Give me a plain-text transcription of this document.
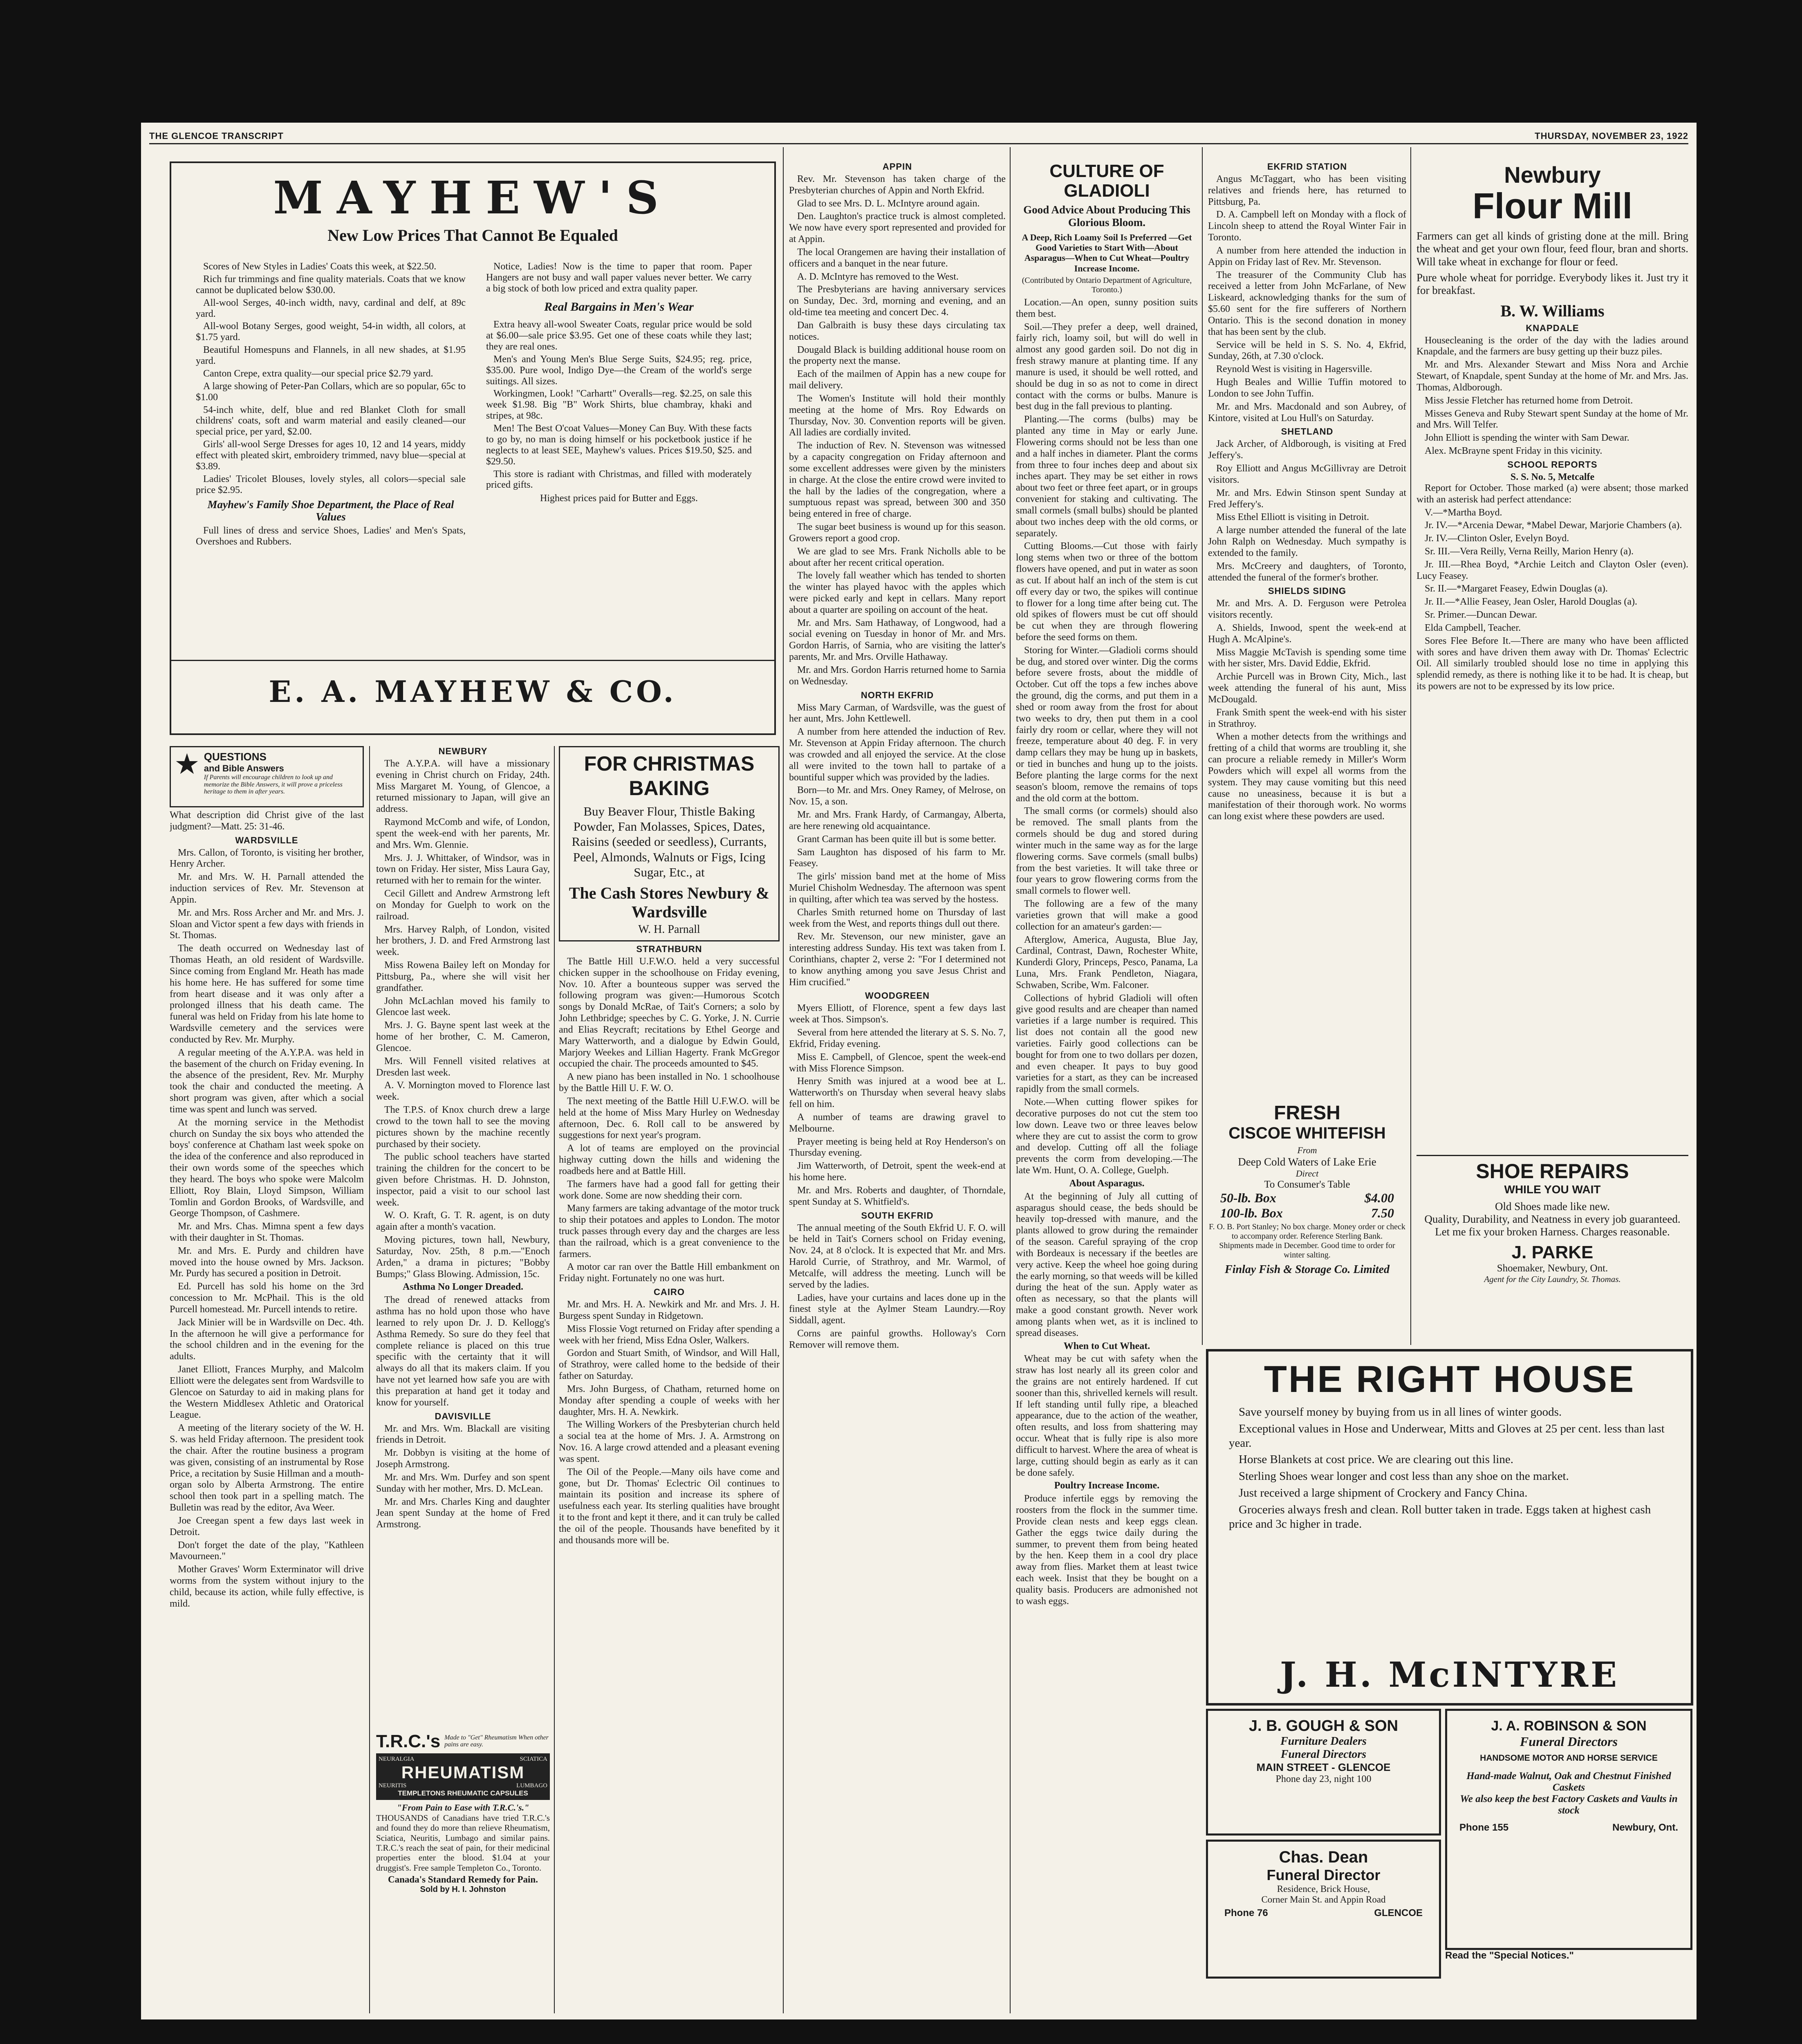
THE GLENCOE TRANSCRIPT	THURSDAY, NOVEMBER 23, 1922
MAYHEW'S
New Low Prices That Cannot Be Equaled

Scores of New Styles in Ladies' Coats this week, at $22.50.

Rich fur trimmings and fine quality materials. Coats that we know cannot be duplicated below $30.00.

All-wool Serges, 40-inch width, navy, cardinal and delf, at 89c yard.

All-wool Botany Serges, good weight, 54-in width, all colors, at $1.75 yard.

Beautiful Homespuns and Flannels, in all new shades, at $1.95 yard.

Canton Crepe, extra quality—our special price $2.79 yard.

A large showing of Peter-Pan Collars, which are so popular, 65c to $1.00

54-inch white, delf, blue and red Blanket Cloth for small childrens' coats, soft and warm material and easily cleaned—our special price, per yard, $2.00.

Girls' all-wool Serge Dresses for ages 10, 12 and 14 years, middy effect with pleated skirt, embroidery trimmed, navy blue—special at $3.89.

Ladies' Tricolet Blouses, lovely styles, all colors—special sale price $2.95.

Mayhew's Family Shoe Department, the Place of Real Values

Full lines of dress and service Shoes, Ladies' and Men's Spats, Overshoes and Rubbers.

Notice, Ladies! Now is the time to paper that room. Paper Hangers are not busy and wall paper values never better. We carry a big stock of both low priced and extra quality paper.

Real Bargains in Men's Wear

Extra heavy all-wool Sweater Coats, regular price would be sold at $6.00—sale price $3.95. Get one of these coats while they last; they are real ones.

Men's and Young Men's Blue Serge Suits, $24.95; reg. price, $35.00. Pure wool, Indigo Dye—the Cream of the world's serge suitings. All sizes.

Workingmen, Look! "Carhartt" Overalls—reg. $2.25, on sale this week $1.98. Big "B" Work Shirts, blue chambray, khaki and stripes, at 98c.

Men! The Best O'coat Values—Money Can Buy. With these facts to go by, no man is doing himself or his pocketbook justice if he neglects to at least SEE, Mayhew's values. Prices $19.50, $25. and $29.50.

This store is radiant with Christmas, and filled with moderately priced gifts.

Highest prices paid for Butter and Eggs.
E. A. MAYHEW & CO.
★ QUESTIONS
and Bible Answers
If Parents will encourage children to look up and memorize the Bible Answers, it will prove a priceless heritage to them in after years.
What description did Christ give of the last judgment?—Matt. 25: 31-46.
WARDSVILLE

Mrs. Callon, of Toronto, is visiting her brother, Henry Archer.

Mr. and Mrs. W. H. Parnall attended the induction services of Rev. Mr. Stevenson at Appin.

Mr. and Mrs. Ross Archer and Mr. and Mrs. J. Sloan and Victor spent a few days with friends in St. Thomas.

The death occurred on Wednesday last of Thomas Heath, an old resident of Wardsville. Since coming from England Mr. Heath has made his home here. He has suffered for some time from heart disease and it was only after a prolonged illness that his death came. The funeral was held on Friday from his late home to Wardsville cemetery and the services were conducted by Rev. Mr. Murphy.

A regular meeting of the A.Y.P.A. was held in the basement of the church on Friday evening. In the absence of the president, Rev. Mr. Murphy took the chair and conducted the meeting. A short program was given, after which a social time was spent and lunch was served.

At the morning service in the Methodist church on Sunday the six boys who attended the boys' conference at Chatham last week spoke on the idea of the conference and also reproduced in their own words some of the speeches which they heard. The boys who spoke were Malcolm Elliott, Roy Blain, Lloyd Simpson, William Tomlin and Gordon Brooks, of Wardsville, and George Thompson, of Cashmere.

Mr. and Mrs. Chas. Mimna spent a few days with their daughter in St. Thomas.

Mr. and Mrs. E. Purdy and children have moved into the house owned by Mrs. Jackson. Mr. Purdy has secured a position in Detroit.

Ed. Purcell has sold his home on the 3rd concession to Mr. McPhail. This is the old Purcell homestead. Mr. Purcell intends to retire.

Jack Minier will be in Wardsville on Dec. 4th. In the afternoon he will give a performance for the school children and in the evening for the adults.

Janet Elliott, Frances Murphy, and Malcolm Elliott were the delegates sent from Wardsville to Glencoe on Saturday to aid in making plans for the Western Middlesex Athletic and Oratorical League.

A meeting of the literary society of the W. H. S. was held Friday afternoon. The president took the chair. After the routine business a program was given, consisting of an instrumental by Rose Price, a recitation by Susie Hillman and a mouth-organ solo by Alberta Armstrong. The entire school then took part in a spelling match. The Bulletin was read by the editor, Ava Weer.

Joe Creegan spent a few days last week in Detroit.

Don't forget the date of the play, "Kathleen Mavourneen."

Mother Graves' Worm Exterminator will drive worms from the system without injury to the child, because its action, while fully effective, is mild.

NEWBURY

The A.Y.P.A. will have a missionary evening in Christ church on Friday, 24th. Miss Margaret M. Young, of Glencoe, a returned missionary to Japan, will give an address.

Raymond McComb and wife, of London, spent the week-end with her parents, Mr. and Mrs. Wm. Glennie.

Mrs. J. J. Whittaker, of Windsor, was in town on Friday. Her sister, Miss Laura Gay, returned with her to remain for the winter.

Cecil Gillett and Andrew Armstrong left on Monday for Guelph to work on the railroad.

Mrs. Harvey Ralph, of London, visited her brothers, J. D. and Fred Armstrong last week.

Miss Rowena Bailey left on Monday for Pittsburg, Pa., where she will visit her grandfather.

John McLachlan moved his family to Glencoe last week.

Mrs. J. G. Bayne spent last week at the home of her brother, C. M. Cameron, Glencoe.

Mrs. Will Fennell visited relatives at Dresden last week.

A. V. Mornington moved to Florence last week.

The T.P.S. of Knox church drew a large crowd to the town hall to see the moving pictures shown by the machine recently purchased by their society.

The public school teachers have started training the children for the concert to be given before Christmas. H. D. Johnston, inspector, paid a visit to our school last week.

W. O. Kraft, G. T. R. agent, is on duty again after a month's vacation.

Moving pictures, town hall, Newbury, Saturday, Nov. 25th, 8 p.m.—"Enoch Arden," a drama in pictures; "Bobby Bumps;" Glass Blowing. Admission, 15c.

Asthma No Longer Dreaded.

The dread of renewed attacks from asthma has no hold upon those who have learned to rely upon Dr. J. D. Kellogg's Asthma Remedy. So sure do they feel that complete reliance is placed on this true specific with the certainty that it will always do all that its makers claim. If you have not yet learned how safe you are with this preparation at hand get it today and know for yourself.

DAVISVILLE

Mr. and Mrs. Wm. Blackall are visiting friends in Detroit.

Mr. Dobbyn is visiting at the home of Joseph Armstrong.

Mr. and Mrs. Wm. Durfey and son spent Sunday with her mother, Mrs. D. McLean.

Mr. and Mrs. Charles King and daughter Jean spent Sunday at the home of Fred Armstrong.

T.R.C.'s Made to "Get" Rheumatism When other pains are easy.
NEURALGIA	SCIATICA
RHEUMATISM
NEURITIS	LUMBAGO
TEMPLETONS RHEUMATIC CAPSULES
"From Pain to Ease with T.R.C.'s."
THOUSANDS of Canadians have tried T.R.C.'s and found they do more than relieve Rheumatism, Sciatica, Neuritis, Lumbago and similar pains. T.R.C.'s reach the seat of pain, for their medicinal properties enter the blood. $1.04 at your druggist's. Free sample Templeton Co., Toronto.
Canada's Standard Remedy for Pain.
Sold by H. I. Johnston
FOR CHRISTMAS BAKING
Buy Beaver Flour, Thistle Baking Powder, Fan Molasses, Spices, Dates, Raisins (seeded or seedless), Currants, Peel, Almonds, Walnuts or Figs, Icing Sugar, Etc., at
The Cash Stores Newbury & Wardsville
W. H. Parnall
STRATHBURN

The Battle Hill U.F.W.O. held a very successful chicken supper in the schoolhouse on Friday evening, Nov. 10. After a bounteous supper was served the following program was given:—Humorous Scotch songs by Donald McRae, of Tait's Corners; a solo by John Lethbridge; speeches by C. G. Yorke, J. N. Currie and Elias Reycraft; recitations by Ethel George and Mary Watterworth, and a dialogue by Edwin Gould, Marjory Weekes and Lillian Hagerty. Frank McGregor occupied the chair. The proceeds amounted to $45.

A new piano has been installed in No. 1 schoolhouse by the Battle Hill U. F. W. O.

The next meeting of the Battle Hill U.F.W.O. will be held at the home of Miss Mary Hurley on Wednesday afternoon, Dec. 6. Roll call to be answered by suggestions for next year's program.

A lot of teams are employed on the provincial highway cutting down the hills and widening the roadbeds here and at Battle Hill.

The farmers have had a good fall for getting their work done. Some are now shedding their corn.

Many farmers are taking advantage of the motor truck to ship their potatoes and apples to London. The motor truck passes through every day and the charges are less than the railroad, which is a great convenience to the farmers.

A motor car ran over the Battle Hill embankment on Friday night. Fortunately no one was hurt.

CAIRO

Mr. and Mrs. H. A. Newkirk and Mr. and Mrs. J. H. Burgess spent Sunday in Ridgetown.

Miss Flossie Vogt returned on Friday after spending a week with her friend, Miss Edna Osler, Walkers.

Gordon and Stuart Smith, of Windsor, and Will Hall, of Strathroy, were called home to the bedside of their father on Saturday.

Mrs. John Burgess, of Chatham, returned home on Monday after spending a couple of weeks with her daughter, Mrs. H. A. Newkirk.

The Willing Workers of the Presbyterian church held a social tea at the home of Mrs. J. A. Armstrong on Nov. 16. A large crowd attended and a pleasant evening was spent.

The Oil of the People.—Many oils have come and gone, but Dr. Thomas' Eclectric Oil continues to maintain its position and increase its sphere of usefulness each year. Its sterling qualities have brought it to the front and kept it there, and it can truly be called the oil of the people. Thousands have benefited by it and thousands more will be.

APPIN

Rev. Mr. Stevenson has taken charge of the Presbyterian churches of Appin and North Ekfrid.

Glad to see Mrs. D. L. McIntyre around again.

Den. Laughton's practice truck is almost completed. We now have every sport represented and provided for at Appin.

The local Orangemen are having their installation of officers and a banquet in the near future.

A. D. McIntyre has removed to the West.

The Presbyterians are having anniversary services on Sunday, Dec. 3rd, morning and evening, and an old-time tea meeting and concert Dec. 4.

Dan Galbraith is busy these days circulating tax notices.

Dougald Black is building additional house room on the property next the manse.

Each of the mailmen of Appin has a new coupe for mail delivery.

The Women's Institute will hold their monthly meeting at the home of Mrs. Roy Edwards on Thursday, Nov. 30. Convention reports will be given. All ladies are cordially invited.

The induction of Rev. N. Stevenson was witnessed by a capacity congregation on Friday afternoon and some excellent addresses were given by the ministers in charge. At the close the entire crowd were invited to the hall by the ladies of the congregation, where a sumptuous repast was spread, between 300 and 350 being entered in free of charge.

The sugar beet business is wound up for this season. Growers report a good crop.

We are glad to see Mrs. Frank Nicholls able to be about after her recent critical operation.

The lovely fall weather which has tended to shorten the winter has played havoc with the apples which were picked early and kept in cellars. Many report about a quarter are spoiling on account of the heat.

Mr. and Mrs. Sam Hathaway, of Longwood, had a social evening on Tuesday in honor of Mr. and Mrs. Gordon Harris, of Sarnia, who are visiting the latter's parents, Mr. and Mrs. Orville Hathaway.

Mr. and Mrs. Gordon Harris returned home to Sarnia on Wednesday.

NORTH EKFRID

Miss Mary Carman, of Wardsville, was the guest of her aunt, Mrs. John Kettlewell.

A number from here attended the induction of Rev. Mr. Stevenson at Appin Friday afternoon. The church was crowded and all enjoyed the service. At the close all were invited to the town hall to partake of a bountiful supper which was provided by the ladies.

Born—to Mr. and Mrs. Oney Ramey, of Melrose, on Nov. 15, a son.

Mr. and Mrs. Frank Hardy, of Carmangay, Alberta, are here renewing old acquaintance.

Grant Carman has been quite ill but is some better.

Sam Laughton has disposed of his farm to Mr. Feasey.

The girls' mission band met at the home of Miss Muriel Chisholm Wednesday. The afternoon was spent in quilting, after which tea was served by the hostess.

Charles Smith returned home on Thursday of last week from the West, and reports things dull out there.

Rev. Mr. Stevenson, our new minister, gave an interesting address Sunday. His text was taken from I. Corinthians, chapter 2, verse 2: "For I determined not to know anything among you save Jesus Christ and Him crucified."

WOODGREEN

Myers Elliott, of Florence, spent a few days last week at Thos. Simpson's.

Several from here attended the literary at S. S. No. 7, Ekfrid, Friday evening.

Miss E. Campbell, of Glencoe, spent the week-end with Miss Florence Simpson.

Henry Smith was injured at a wood bee at L. Watterworth's on Thursday when several heavy slabs fell on him.

A number of teams are drawing gravel to Melbourne.

Prayer meeting is being held at Roy Henderson's on Thursday evening.

Jim Watterworth, of Detroit, spent the week-end at his home here.

Mr. and Mrs. Roberts and daughter, of Thorndale, spent Sunday at S. Whitfield's.

SOUTH EKFRID

The annual meeting of the South Ekfrid U. F. O. will be held in Tait's Corners school on Friday evening, Nov. 24, at 8 o'clock. It is expected that Mr. and Mrs. Harold Currie, of Strathroy, and Mr. Warmol, of Metcalfe, will address the meeting. Lunch will be served by the ladies.

Ladies, have your curtains and laces done up in the finest style at the Aylmer Steam Laundry.—Roy Siddall, agent.

Corns are painful growths. Holloway's Corn Remover will remove them.

CULTURE OF GLADIOLI
Good Advice About Producing This Glorious Bloom.
A Deep, Rich Loamy Soil Is Preferred —Get Good Varieties to Start With—About Asparagus—When to Cut Wheat—Poultry Increase Income.
(Contributed by Ontario Department of Agriculture, Toronto.)

Location.—An open, sunny position suits them best.

Soil.—They prefer a deep, well drained, fairly rich, loamy soil, but will do well in almost any good garden soil. Do not dig in fresh strawy manure at planting time. If any manure is used, it should be well rotted, and should be dug in so as not to come in direct contact with the corms or bulbs. Manure is best dug in the fall previous to planting.

Planting.—The corms (bulbs) may be planted any time in May or early June. Flowering corms should not be less than one and a half inches in diameter. Plant the corms from three to four inches deep and about six inches apart. They may be set either in rows about two feet or three feet apart, or in groups convenient for staking and cultivating. The small cormels (small bulbs) should be planted about two inches deep with the old corms, or separately.

Cutting Blooms.—Cut those with fairly long stems when two or three of the bottom flowers have opened, and put in water as soon as cut. If about half an inch of the stem is cut off every day or two, the spikes will continue to flower for a long time after being cut. The old spikes of flowers must be cut off should be cut when they are through flowering before the seed forms on them.

Storing for Winter.—Gladioli corms should be dug, and stored over winter. Dig the corms before severe frosts, about the middle of October. Cut off the tops a few inches above the ground, dig the corms, and put them in a shed or room away from the frost for about two weeks to dry, then put them in a cool fairly dry room or cellar, where they will not freeze, temperature about 40 deg. F. in very damp cellars they may be hung up in baskets, or tied in bunches and hung up to the joists. Before planting the large corms for the next season's bloom, remove the remains of tops and the old corm at the bottom.

The small corms (or cormels) should also be removed. The small plants from the cormels should be dug and stored during winter much in the same way as for the large flowering corms. Save cormels (small bulbs) from the best varieties. It will take three or four years to grow flowering corms from the small cormels to flower well.

The following are a few of the many varieties grown that will make a good collection for an amateur's garden:—

Afterglow, America, Augusta, Blue Jay, Cardinal, Contrast, Dawn, Rochester White, Kunderdi Glory, Princeps, Pesco, Panama, La Luna, Mrs. Frank Pendleton, Niagara, Schwaben, Scribe, Wm. Falconer.

Collections of hybrid Gladioli will often give good results and are cheaper than named varieties if a large number is required. This list does not contain all the good new varieties. Fairly good collections can be bought for from one to two dollars per dozen, and even cheaper. It pays to buy good varieties for a start, as they can be increased rapidly from the small cormels.

Note.—When cutting flower spikes for decorative purposes do not cut the stem too low down. Leave two or three leaves below where they are cut to assist the corm to grow and develop. Cutting off all the foliage prevents the corm from developing.—The late Wm. Hunt, O. A. College, Guelph.

About Asparagus.

At the beginning of July all cutting of asparagus should cease, the beds should be heavily top-dressed with manure, and the plants allowed to grow during the remainder of the season. Careful spraying of the crop with Bordeaux is necessary if the beetles are very active. Keep the wheel hoe going during the early morning, so that weeds will be killed during the heat of the sun. Apply water as often as necessary, so that the plants will make a good constant growth. Never work among plants when wet, as it is inclined to spread diseases.

When to Cut Wheat.

Wheat may be cut with safety when the straw has lost nearly all its green color and the grains are not entirely hardened. If cut sooner than this, shrivelled kernels will result. If left standing until fully ripe, a bleached appearance, due to the action of the weather, often results, and loss from shattering may occur. Wheat that is fully ripe is also more difficult to harvest. Where the area of wheat is large, cutting should begin as early as it can be done safely.

Poultry Increase Income.

Produce infertile eggs by removing the roosters from the flock in the summer time. Provide clean nests and keep eggs clean. Gather the eggs twice daily during the summer, to prevent them from being heated by the hen. Keep them in a cool dry place away from flies. Market them at least twice each week. Insist that they be bought on a quality basis. Producers are admonished not to wash eggs.

EKFRID STATION

Angus McTaggart, who has been visiting relatives and friends here, has returned to Pittsburg, Pa.

D. A. Campbell left on Monday with a flock of Lincoln sheep to attend the Royal Winter Fair in Toronto.

A number from here attended the induction in Appin on Friday last of Rev. Mr. Stevenson.

The treasurer of the Community Club has received a letter from John McFarlane, of New Liskeard, acknowledging thanks for the sum of $5.60 sent for the fire sufferers of Northern Ontario. This is the second donation in money that has been sent by the club.

Service will be held in S. S. No. 4, Ekfrid, Sunday, 26th, at 7.30 o'clock.

Reynold West is visiting in Hagersville.

Hugh Beales and Willie Tuffin motored to London to see John Tuffin.

Mr. and Mrs. Macdonald and son Aubrey, of Kintore, visited at Lou Hull's on Saturday.

SHETLAND

Jack Archer, of Aldborough, is visiting at Fred Jeffery's.

Roy Elliott and Angus McGillivray are Detroit visitors.

Mr. and Mrs. Edwin Stinson spent Sunday at Fred Jeffery's.

Miss Ethel Elliott is visiting in Detroit.

A large number attended the funeral of the late John Ralph on Wednesday. Much sympathy is extended to the family.

Mrs. McCreery and daughters, of Toronto, attended the funeral of the former's brother.

SHIELDS SIDING

Mr. and Mrs. A. D. Ferguson were Petrolea visitors recently.

A. Shields, Inwood, spent the week-end at Hugh A. McAlpine's.

Miss Maggie McTavish is spending some time with her sister, Mrs. David Eddie, Ekfrid.

Archie Purcell was in Brown City, Mich., last week attending the funeral of his aunt, Miss McDougald.

Frank Smith spent the week-end with his sister in Strathroy.

When a mother detects from the writhings and fretting of a child that worms are troubling it, she can procure a reliable remedy in Miller's Worm Powders which will expel all worms from the system. They may cause vomiting but this need cause no uneasiness, because it is but a manifestation of their thorough work. No worms can long exist where these powders are used.

FRESH
CISCOE WHITEFISH
From
Deep Cold Waters of Lake Erie
Direct
To Consumer's Table
50-lb. Box	$4.00
100-lb. Box	7.50
F. O. B. Port Stanley; No box charge. Money order or check to accompany order. Reference Sterling Bank.
Shipments made in December. Good time to order for winter salting.
Finlay Fish & Storage Co. Limited
Newbury
Flour Mill
Farmers can get all kinds of gristing done at the mill. Bring the wheat and get your own flour, feed flour, bran and shorts. Will take wheat in exchange for flour or feed.
Pure whole wheat for porridge. Everybody likes it. Just try it for breakfast.
B. W. Williams
KNAPDALE

Housecleaning is the order of the day with the ladies around Knapdale, and the farmers are busy getting up their buzz piles.

Mr. and Mrs. Alexander Stewart and Miss Nora and Archie Stewart, of Knapdale, spent Sunday at the home of Mr. and Mrs. Jas. Thomas, Aldborough.

Miss Jessie Fletcher has returned home from Detroit.

Misses Geneva and Ruby Stewart spent Sunday at the home of Mr. and Mrs. Will Telfer.

John Elliott is spending the winter with Sam Dewar.

Alex. McBrayne spent Friday in this vicinity.

SCHOOL REPORTS
S. S. No. 5, Metcalfe

Report for October. Those marked (a) were absent; those marked with an asterisk had perfect attendance:

V.—*Martha Boyd.

Jr. IV.—*Arcenia Dewar, *Mabel Dewar, Marjorie Chambers (a).

Jr. IV.—Clinton Osler, Evelyn Boyd.

Sr. III.—Vera Reilly, Verna Reilly, Marion Henry (a).

Jr. III.—Rhea Boyd, *Archie Leitch and Clayton Osler (even). Lucy Feasey.

Sr. II.—*Margaret Feasey, Edwin Douglas (a).

Jr. II.—*Allie Feasey, Jean Osler, Harold Douglas (a).

Sr. Primer.—Duncan Dewar.

Elda Campbell, Teacher.

Sores Flee Before It.—There are many who have been afflicted with sores and have driven them away with Dr. Thomas' Eclectric Oil. All similarly troubled should lose no time in applying this splendid remedy, as there is nothing like it to be had. It is cheap, but its powers are not to be expressed by its low price.

SHOE REPAIRS
WHILE YOU WAIT
Old Shoes made like new.
Quality, Durability, and Neatness in every job guaranteed.
Let me fix your broken Harness. Charges reasonable.
J. PARKE
Shoemaker, Newbury, Ont.
Agent for the City Laundry, St. Thomas.
THE RIGHT HOUSE

Save yourself money by buying from us in all lines of winter goods.

Exceptional values in Hose and Underwear, Mitts and Gloves at 25 per cent. less than last year.

Horse Blankets at cost price. We are clearing out this line.

Sterling Shoes wear longer and cost less than any shoe on the market.

Just received a large shipment of Crockery and Fancy China.

Groceries always fresh and clean. Roll butter taken in trade. Eggs taken at highest cash price and 3c higher in trade.

J. H. McINTYRE
J. B. GOUGH & SON
Furniture Dealers
Funeral Directors
MAIN STREET - GLENCOE
Phone day 23, night 100
Chas. Dean
Funeral Director
Residence, Brick House,
Corner Main St. and Appin Road
Phone 76	GLENCOE
J. A. ROBINSON & SON
Funeral Directors
HANDSOME MOTOR AND HORSE SERVICE
Hand-made Walnut, Oak and Chestnut Finished Caskets
We also keep the best Factory Caskets and Vaults in stock
Phone 155	Newbury, Ont.
Read the "Special Notices."
